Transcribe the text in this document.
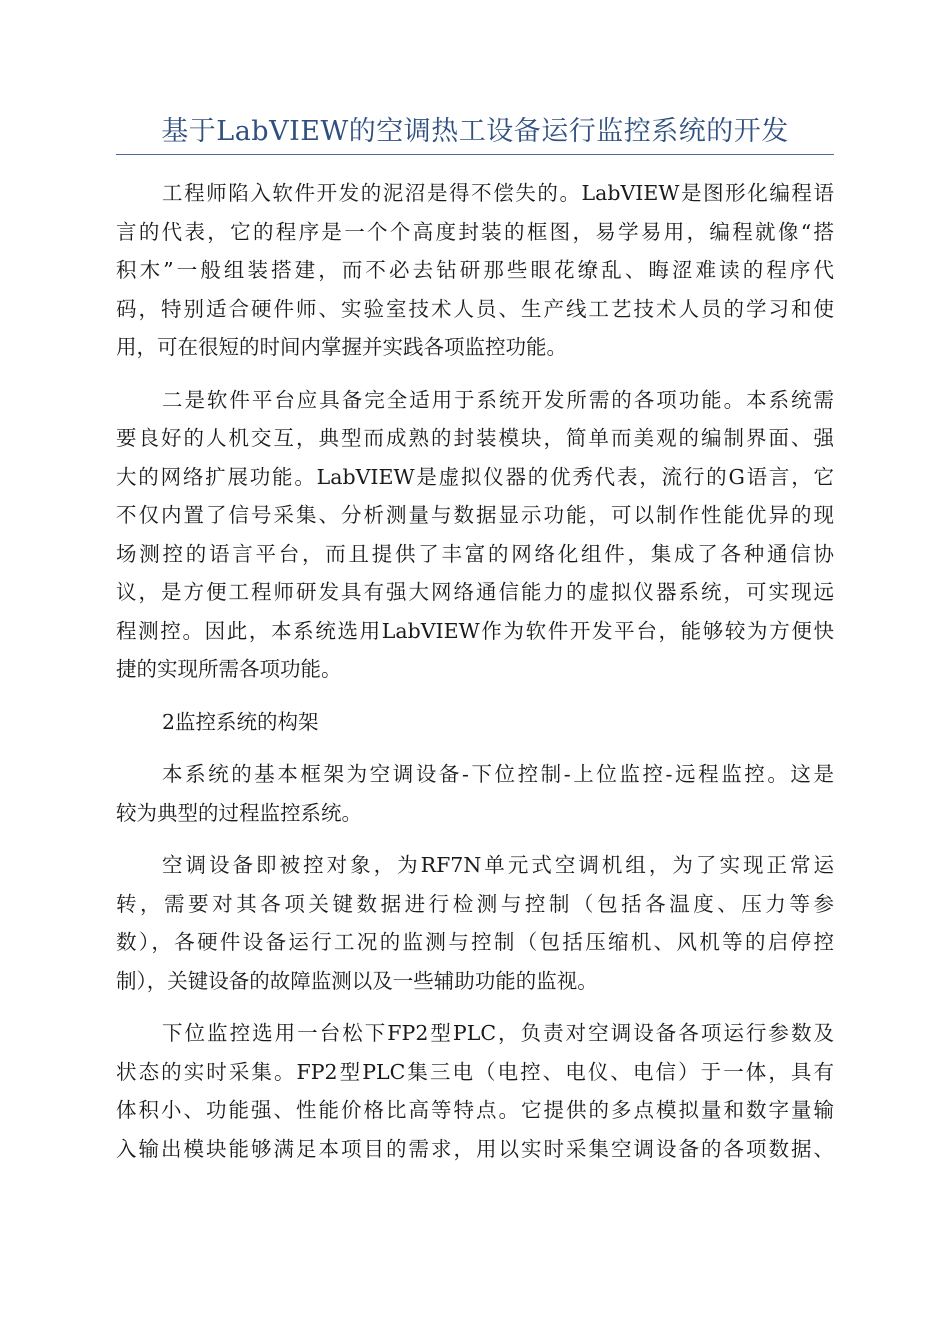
基于LabVIEW的空调热工设备运行监控系统的开发
工程师陷入软件开发的泥沼是得不偿失的。LabVIEW是图形化编程语
言的代表，它的程序是一个个高度封装的框图，易学易用，编程就像“搭
积木”一般组装搭建，而不必去钻研那些眼花缭乱、晦涩难读的程序代
码，特别适合硬件师、实验室技术人员、生产线工艺技术人员的学习和使
用，可在很短的时间内掌握并实践各项监控功能。
二是软件平台应具备完全适用于系统开发所需的各项功能。本系统需
要良好的人机交互，典型而成熟的封装模块，简单而美观的编制界面、强
大的网络扩展功能。LabVIEW是虚拟仪器的优秀代表，流行的G语言，它
不仅内置了信号采集、分析测量与数据显示功能，可以制作性能优异的现
场测控的语言平台，而且提供了丰富的网络化组件，集成了各种通信协
议，是方便工程师研发具有强大网络通信能力的虚拟仪器系统，可实现远
程测控。因此，本系统选用LabVIEW作为软件开发平台，能够较为方便快
捷的实现所需各项功能。
2监控系统的构架
本系统的基本框架为空调设备-下位控制-上位监控-远程监控。这是
较为典型的过程监控系统。
空调设备即被控对象，为RF7N单元式空调机组，为了实现正常运
转，需要对其各项关键数据进行检测与控制（包括各温度、压力等参
数），各硬件设备运行工况的监测与控制（包括压缩机、风机等的启停控
制），关键设备的故障监测以及一些辅助功能的监视。
下位监控选用一台松下FP2型PLC，负责对空调设备各项运行参数及
状态的实时采集。FP2型PLC集三电（电控、电仪、电信）于一体，具有
体积小、功能强、性能价格比高等特点。它提供的多点模拟量和数字量输
入输出模块能够满足本项目的需求，用以实时采集空调设备的各项数据、
